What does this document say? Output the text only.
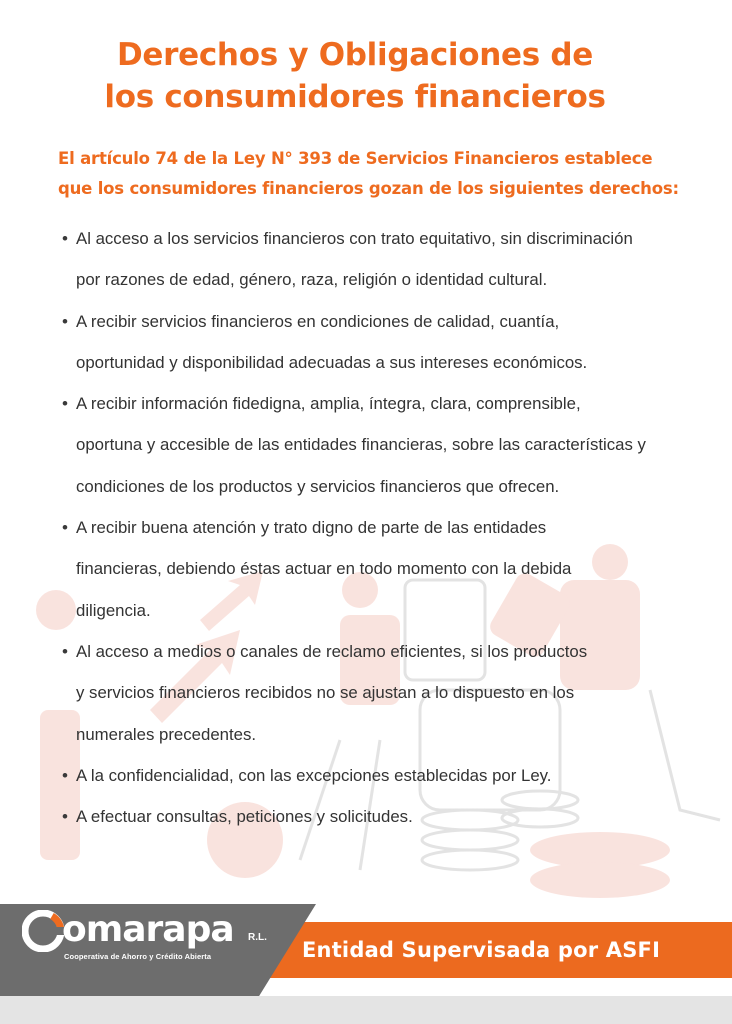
Derechos y Obligaciones de
los consumidores financieros
El artículo 74 de la Ley N° 393 de Servicios Financieros establece
que los consumidores financieros gozan de los siguientes derechos:
• Al acceso a los servicios financieros con trato equitativo, sin discriminación por razones de edad, género, raza, religión o identidad cultural.
• A recibir servicios financieros en condiciones de calidad, cuantía, oportunidad y disponibilidad adecuadas a sus intereses económicos.
• A recibir información fidedigna, amplia, íntegra, clara, comprensible, oportuna y accesible de las entidades financieras, sobre las características y condiciones de los productos y servicios financieros que ofrecen.
• A recibir buena atención y trato digno de parte de las entidades financieras, debiendo éstas actuar en todo momento con la debida diligencia.
• Al acceso a medios o canales de reclamo eficientes, si los productos y servicios financieros recibidos no se ajustan a lo dispuesto en los numerales precedentes.
• A la confidencialidad, con las excepciones establecidas por Ley.
• A efectuar consultas, peticiones y solicitudes.
Entidad Supervisada por ASFI
omarapa R.L.
Cooperativa de Ahorro y Crédito Abierta
